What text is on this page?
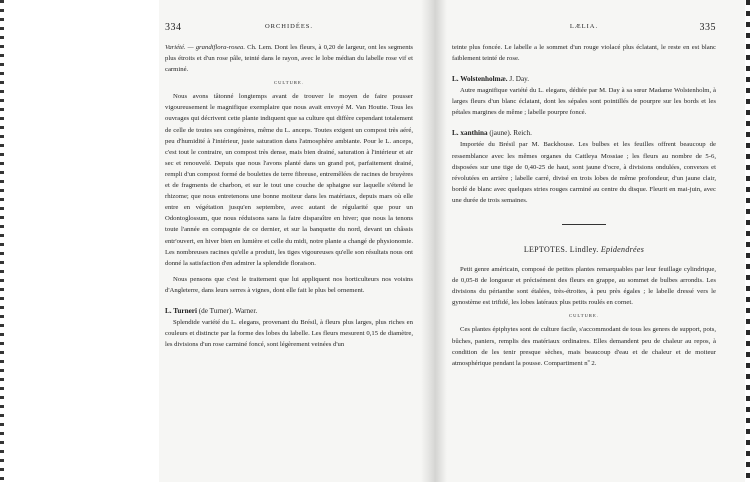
334	ORCHIDÉES.

Variété. — grandiflora-rosea. Ch. Lem. Dont les fleurs, à 0,20 de largeur, ont les segments plus étroits et d'un rose pâle, teinté dans le rayon, avec le lobe médian du labelle rose vif et carminé.

CULTURE.

Nous avons tâtonné longtemps avant de trouver le moyen de faire pousser vigoureusement le magnifique exemplaire que nous avait envoyé M. Van Houtte. Tous les ouvrages qui décrivent cette plante indiquent que sa culture qui diffère cependant totalement de celle de toutes ses congénères, même du L. anceps. Toutes exigent un compost très aéré, peu d'humidité à l'intérieur, juste saturation dans l'atmosphère ambiante. Pour le L. anceps, c'est tout le contraire, un compost très dense, mais bien drainé, saturation à l'intérieur et air sec et renouvelé. Depuis que nous l'avons planté dans un grand pot, parfaitement drainé, rempli d'un compost formé de boulettes de terre fibreuse, entremêlées de racines de bruyères et de fragments de charbon, et sur le tout une couche de sphaigne sur laquelle s'étend le rhizome; que nous entretenons une bonne moiteur dans les matériaux, depuis mars où elle entre en végétation jusqu'en septembre, avec autant de régularité que pour un Odontoglossum, que nous réduisons sans la faire disparaître en hiver; que nous la tenons toute l'année en compagnie de ce dernier, et sur la banquette du nord, devant un châssis entr'ouvert, en hiver bien en lumière et celle du midi, notre plante a changé de physionomie. Les nombreuses racines qu'elle a produit, les tiges vigoureuses qu'elle son résultats nous ont donné la satisfaction d'en admirer la splendide floraison.

Nous pensons que c'est le traitement que lui appliquent nos horticulteurs nos voisins d'Angleterre, dans leurs serres à vignes, dont elle fait le plus bel ornement.

L. Turneri (de Turner). Warner.

Splendide variété du L. elegans, provenant du Brésil, à fleurs plus larges, plus riches en couleurs et distincte par la forme des lobes du labelle. Les fleurs mesurent 0,15 de diamètre, les divisions d'un rose carminé foncé, sont légèrement veinées d'un

LÆLIA.	335

teinte plus foncée. Le labelle a le sommet d'un rouge violacé plus éclatant, le reste en est blanc faiblement teinté de rose.

L. Wolstenholmæ. J. Day.

Autre magnifique variété du L. elegans, dédiée par M. Day à sa sœur Madame Wolstenholm, à larges fleurs d'un blanc éclatant, dont les sépales sont pointillés de pourpre sur les bords et les pétales margines de même ; labelle pourpre foncé.

L. xanthina (jaune). Reich.

Importée du Brésil par M. Backhouse. Les bulbes et les feuilles offrent beaucoup de ressemblance avec les mêmes organes du Cattleya Mossiae ; les fleurs au nombre de 5-6, disposées sur une tige de 0,40-25 de haut, sont jaune d'ocre, à divisions ondulées, convexes et révolutées en arrière ; labelle carré, divisé en trois lobes de même profondeur, d'un jaune clair, bordé de blanc avec quelques stries rouges carminé au centre du disque. Fleurit en mai-juin, avec une durée de trois semaines.

LEPTOTES. Lindley. Epidendrées

Petit genre américain, composé de petites plantes remarquables par leur feuillage cylindrique, de 0,05-8 de longueur et précisément des fleurs en grappe, au sommet de bulbes arrondis. Les divisions du périanthe sont étalées, très-étroites, à peu près égales ; le labelle dressé vers le gynostème est trifidé, les lobes latéraux plus petits roulés en cornet.

CULTURE.

Ces plantes épiphytes sont de culture facile, s'accommodant de tous les genres de support, pots, bûches, paniers, remplis des matériaux ordinaires. Elles demandent peu de chaleur au repos, à condition de les tenir presque sèches, mais beaucoup d'eau et de chaleur et de moiteur atmosphérique pendant la pousse. Compartiment nº 2.
